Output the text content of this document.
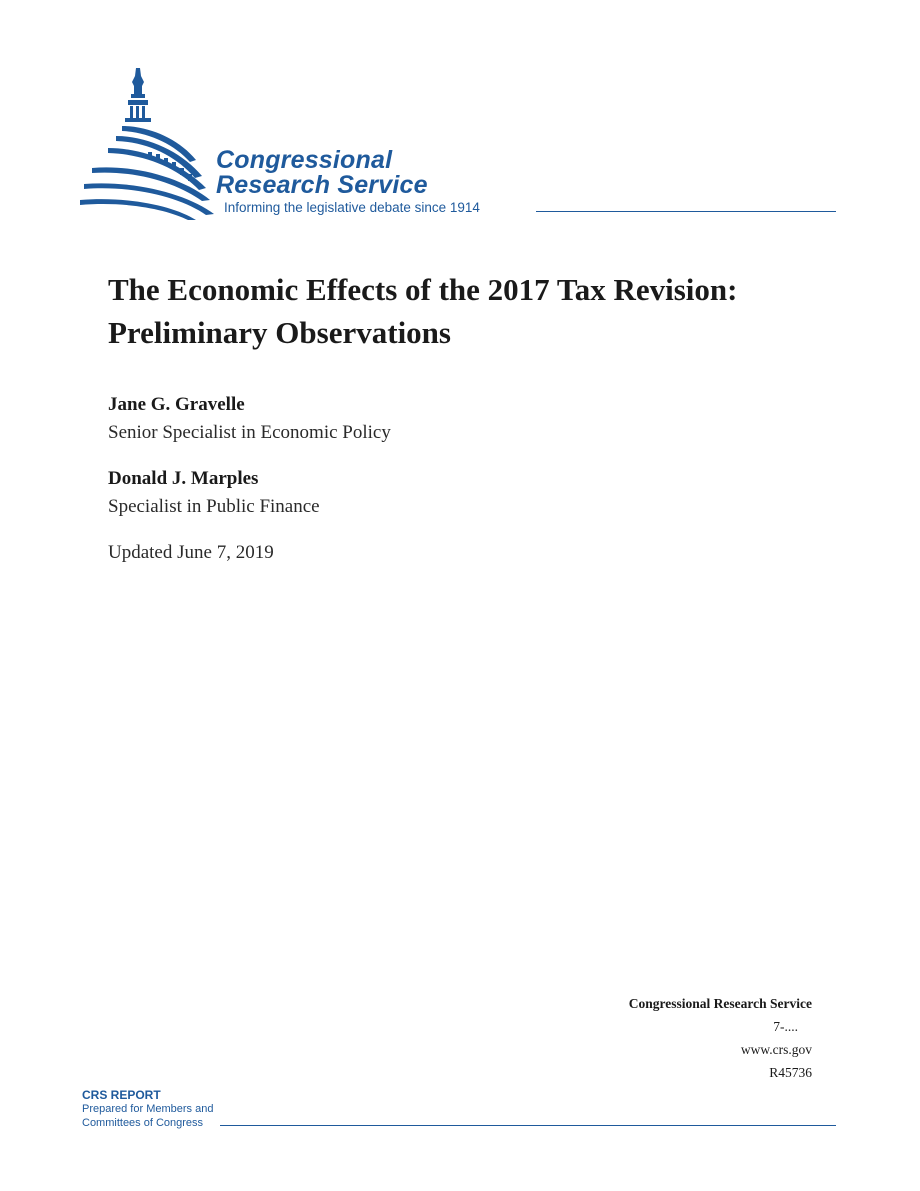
Congressional
Research Service
Informing the legislative debate since 1914
The Economic Effects of the 2017 Tax Revision: Preliminary Observations
Jane G. Gravelle
Senior Specialist in Economic Policy
Donald J. Marples
Specialist in Public Finance
Updated June 7, 2019
Congressional Research Service
7-....
www.crs.gov
R45736
CRS REPORT
Prepared for Members and
Committees of Congress
